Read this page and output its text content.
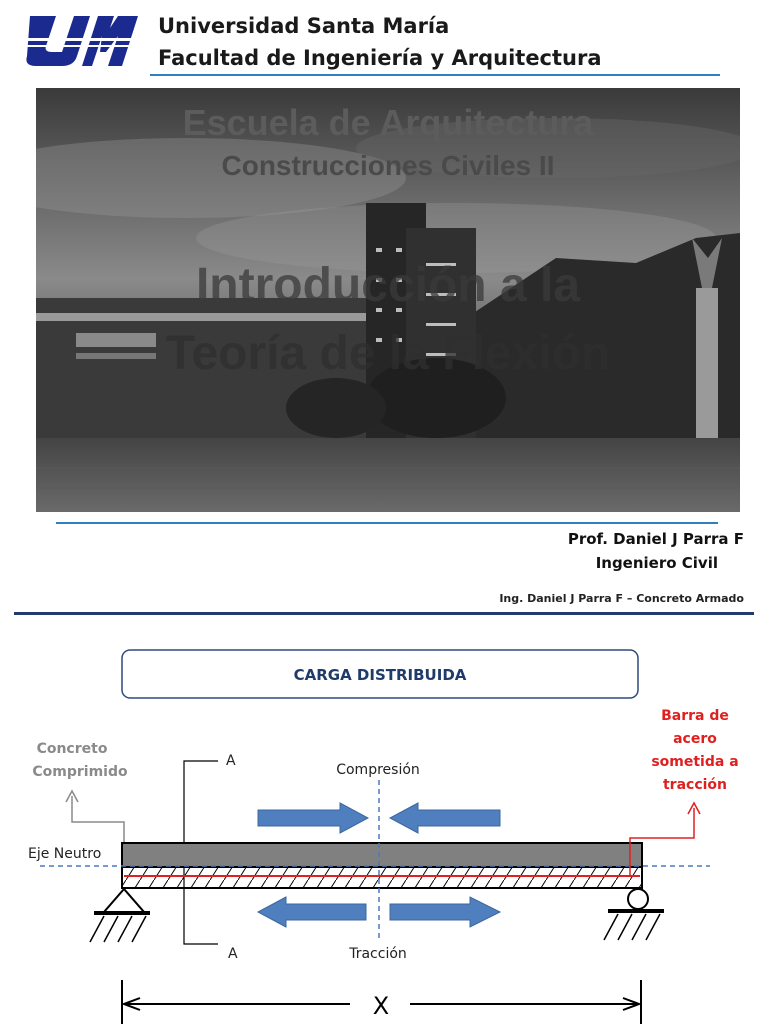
Universidad Santa María
Facultad de Ingeniería y Arquitectura
Escuela de Arquitectura
Construcciones Civiles II
Introducción a la
Teoría de la Flexión
Prof. Daniel J Parra F
Ingeniero Civil
Ing. Daniel J Parra F – Concreto Armado
CARGA DISTRIBUIDA
Concreto
Comprimido
Eje Neutro
A
A
Compresión
Tracción
Barra de
acero
sometida a
tracción
X
